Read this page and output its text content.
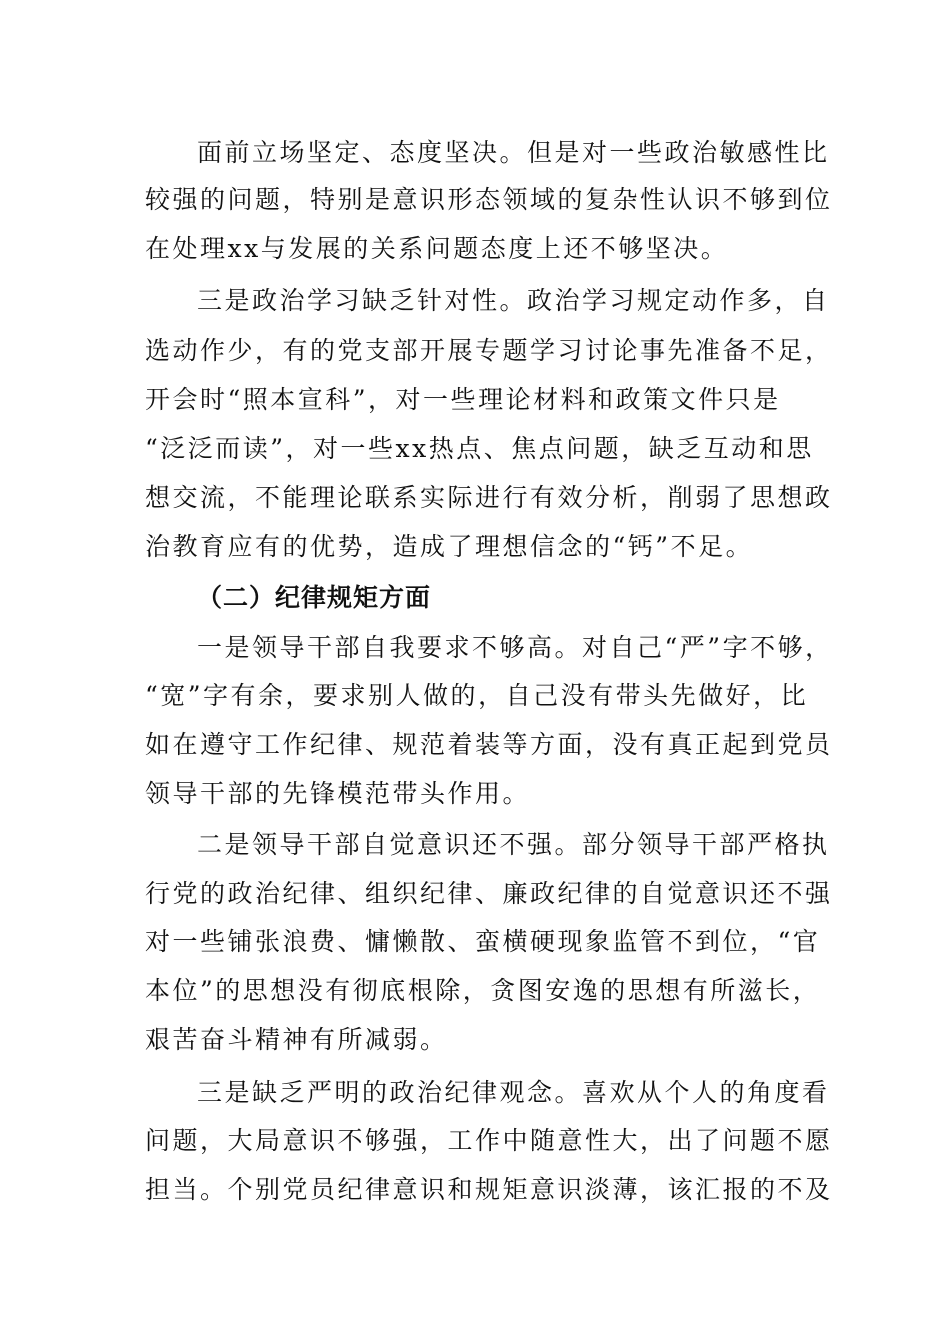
面前立场坚定、态度坚决。但是对一些政治敏感性比
较强的问题，特别是意识形态领域的复杂性认识不够到位
在处理xx与发展的关系问题态度上还不够坚决。
三是政治学习缺乏针对性。政治学习规定动作多，自
选动作少，有的党支部开展专题学习讨论事先准备不足，
开会时“照本宣科”，对一些理论材料和政策文件只是
“泛泛而读”，对一些xx热点、焦点问题，缺乏互动和思
想交流，不能理论联系实际进行有效分析，削弱了思想政
治教育应有的优势，造成了理想信念的“钙”不足。
（二）纪律规矩方面
一是领导干部自我要求不够高。对自己“严”字不够，
“宽”字有余，要求别人做的，自己没有带头先做好，比
如在遵守工作纪律、规范着装等方面，没有真正起到党员
领导干部的先锋模范带头作用。
二是领导干部自觉意识还不强。部分领导干部严格执
行党的政治纪律、组织纪律、廉政纪律的自觉意识还不强
对一些铺张浪费、慵懒散、蛮横硬现象监管不到位，“官
本位”的思想没有彻底根除，贪图安逸的思想有所滋长，
艰苦奋斗精神有所减弱。
三是缺乏严明的政治纪律观念。喜欢从个人的角度看
问题，大局意识不够强，工作中随意性大，出了问题不愿
担当。个别党员纪律意识和规矩意识淡薄，该汇报的不及
